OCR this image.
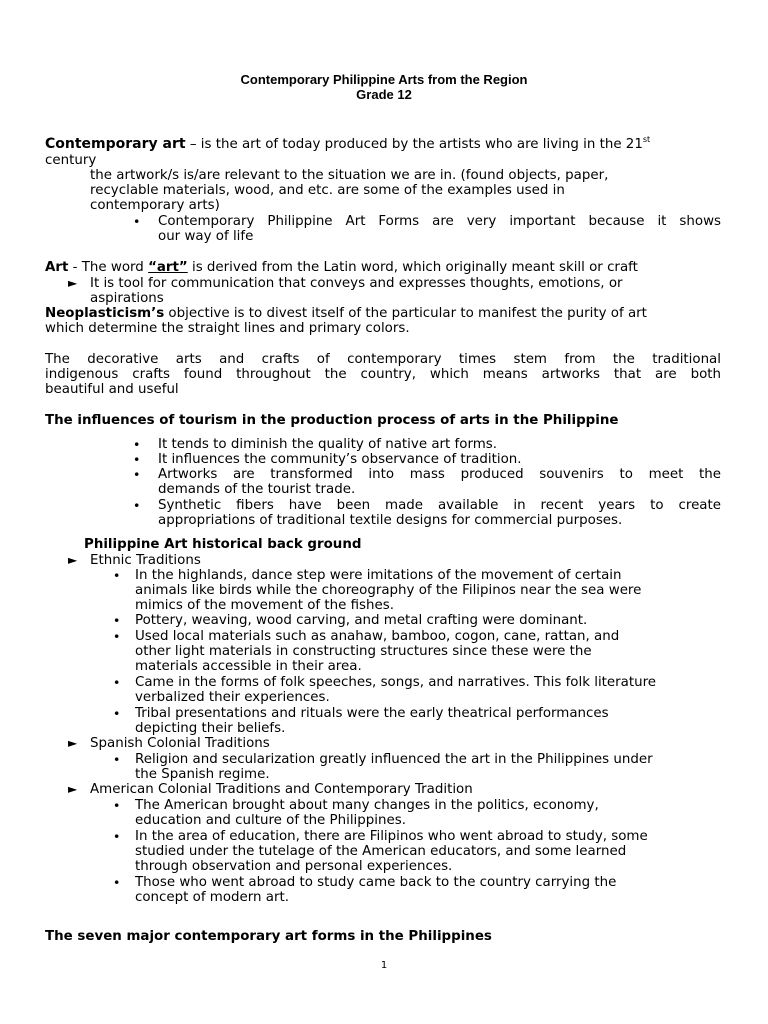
Contemporary Philippine Arts from the Region
Grade 12
Contemporary art – is the art of today produced by the artists who are living in the 21st
century
the artwork/s is/are relevant to the situation we are in. (found objects, paper,
recyclable materials, wood, and etc. are some of the examples used in
contemporary arts)
• Contemporary Philippine Art Forms are very important because it shows
our way of life
Art - The word “art” is derived from the Latin word, which originally meant skill or craft
► It is tool for communication that conveys and expresses thoughts, emotions, or
aspirations
Neoplasticism’s objective is to divest itself of the particular to manifest the purity of art
which determine the straight lines and primary colors.
The decorative arts and crafts of contemporary times stem from the traditional
indigenous crafts found throughout the country, which means artworks that are both
beautiful and useful
The influences of tourism in the production process of arts in the Philippine
• It tends to diminish the quality of native art forms.
• It influences the community’s observance of tradition.
• Artworks are transformed into mass produced souvenirs to meet the
demands of the tourist trade.
• Synthetic fibers have been made available in recent years to create
appropriations of traditional textile designs for commercial purposes.
Philippine Art historical back ground
► Ethnic Traditions
• In the highlands, dance step were imitations of the movement of certain
animals like birds while the choreography of the Filipinos near the sea were
mimics of the movement of the fishes.
• Pottery, weaving, wood carving, and metal crafting were dominant.
• Used local materials such as anahaw, bamboo, cogon, cane, rattan, and
other light materials in constructing structures since these were the
materials accessible in their area.
• Came in the forms of folk speeches, songs, and narratives. This folk literature
verbalized their experiences.
• Tribal presentations and rituals were the early theatrical performances
depicting their beliefs.
► Spanish Colonial Traditions
• Religion and secularization greatly influenced the art in the Philippines under
the Spanish regime.
► American Colonial Traditions and Contemporary Tradition
• The American brought about many changes in the politics, economy,
education and culture of the Philippines.
• In the area of education, there are Filipinos who went abroad to study, some
studied under the tutelage of the American educators, and some learned
through observation and personal experiences.
• Those who went abroad to study came back to the country carrying the
concept of modern art.
The seven major contemporary art forms in the Philippines
1
